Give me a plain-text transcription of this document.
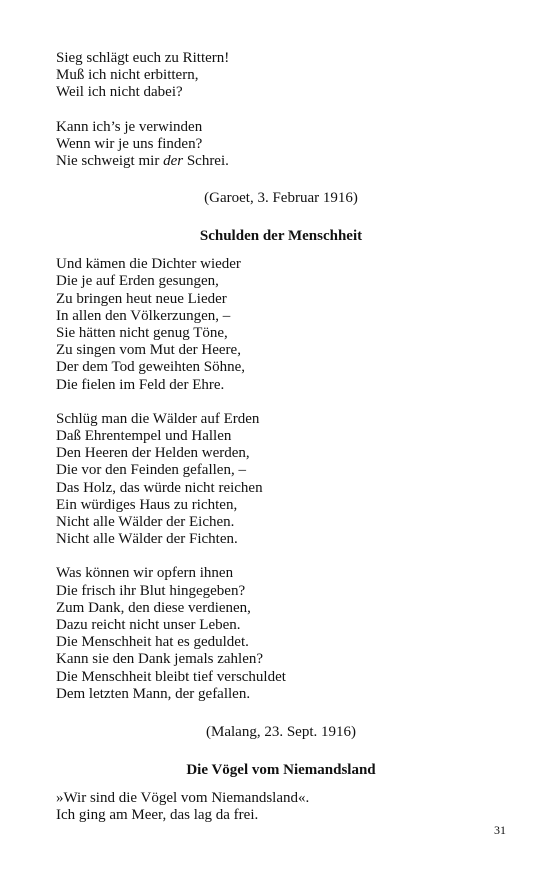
Sieg schlägt euch zu Rittern!
Muß ich nicht erbittern,
Weil ich nicht dabei?
Kann ich’s je verwinden
Wenn wir je uns finden?
Nie schweigt mir der Schrei.
(Garoet, 3. Februar 1916)
Schulden der Menschheit
Und kämen die Dichter wieder
Die je auf Erden gesungen,
Zu bringen heut neue Lieder
In allen den Völkerzungen, –
Sie hätten nicht genug Töne,
Zu singen vom Mut der Heere,
Der dem Tod geweihten Söhne,
Die fielen im Feld der Ehre.
Schlüg man die Wälder auf Erden
Daß Ehrentempel und Hallen
Den Heeren der Helden werden,
Die vor den Feinden gefallen, –
Das Holz, das würde nicht reichen
Ein würdiges Haus zu richten,
Nicht alle Wälder der Eichen.
Nicht alle Wälder der Fichten.
Was können wir opfern ihnen
Die frisch ihr Blut hingegeben?
Zum Dank, den diese verdienen,
Dazu reicht nicht unser Leben.
Die Menschheit hat es geduldet.
Kann sie den Dank jemals zahlen?
Die Menschheit bleibt tief verschuldet
Dem letzten Mann, der gefallen.
(Malang, 23. Sept. 1916)
Die Vögel vom Niemandsland
»Wir sind die Vögel vom Niemandsland«.
Ich ging am Meer, das lag da frei.
31
